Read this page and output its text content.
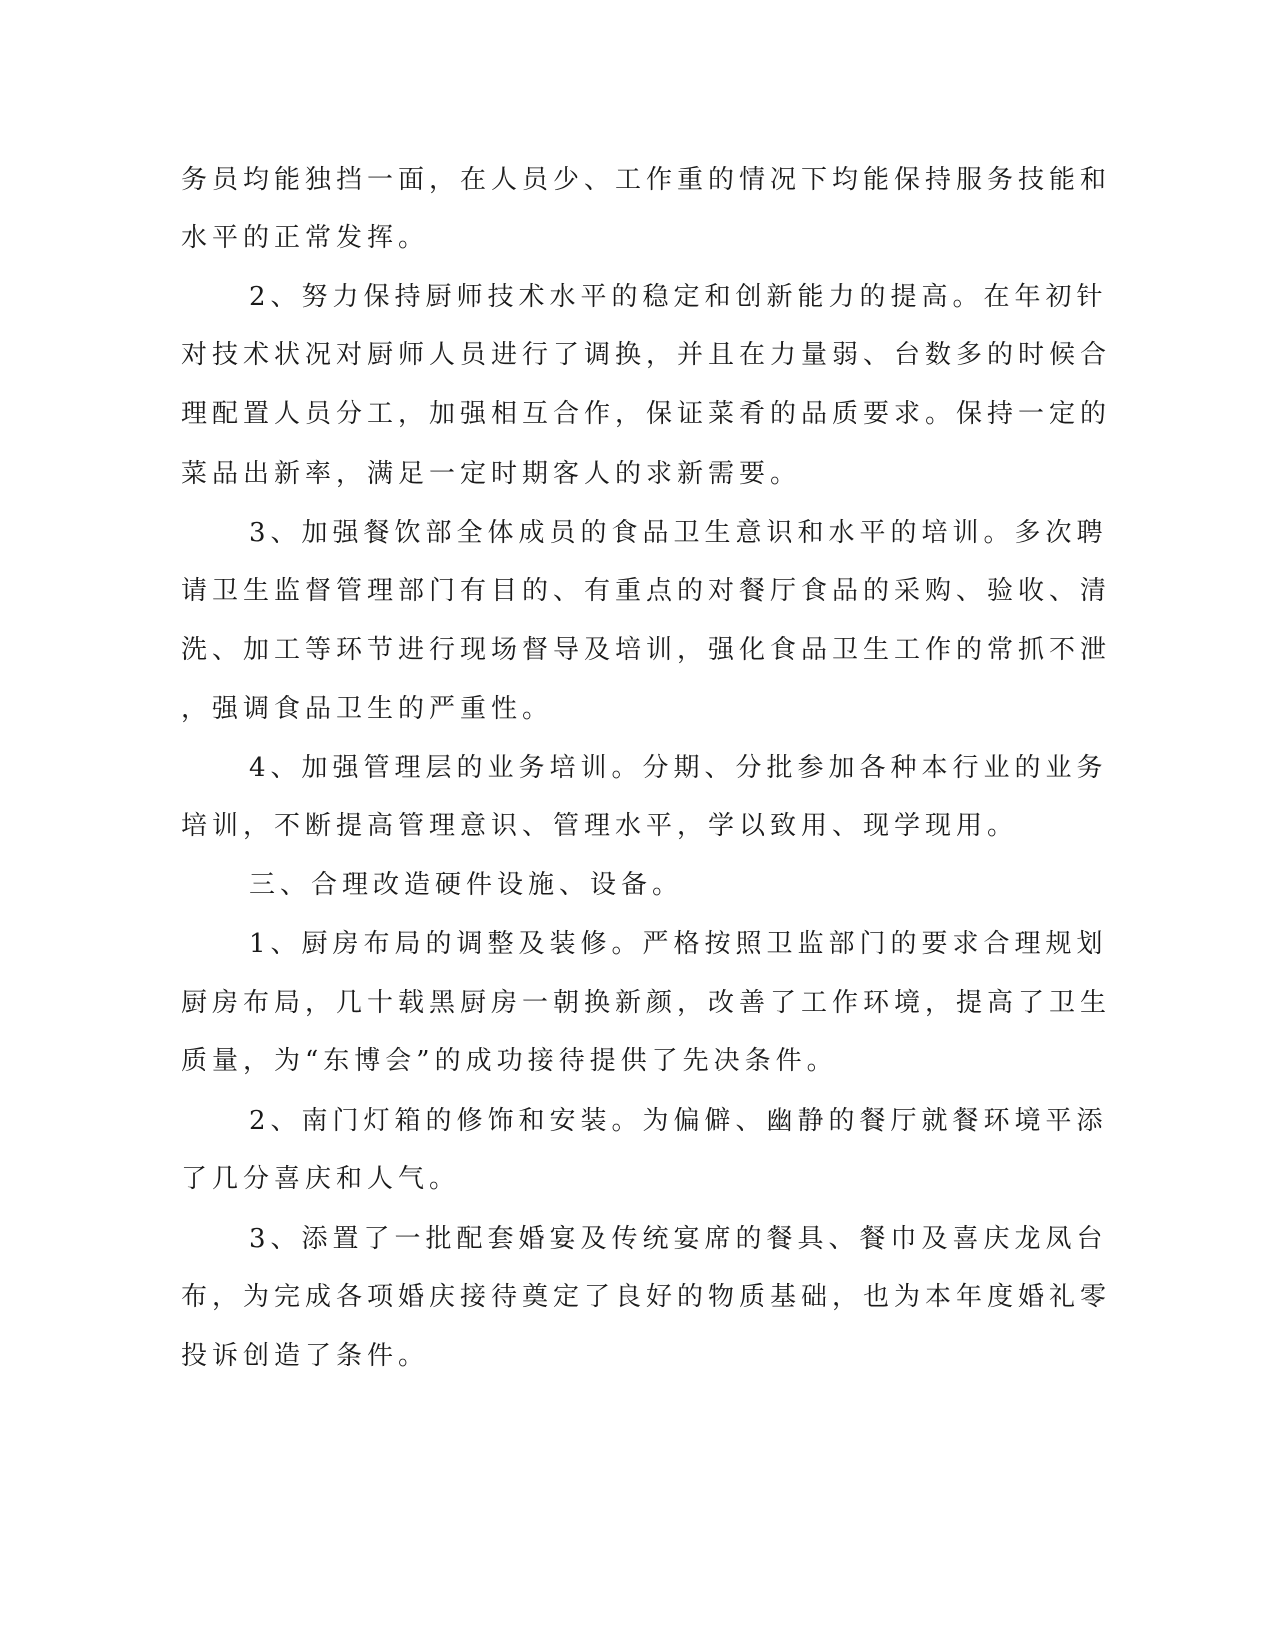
务员均能独挡一面，在人员少、工作重的情况下均能保持服务技能和
水平的正常发挥。
2、努力保持厨师技术水平的稳定和创新能力的提高。在年初针
对技术状况对厨师人员进行了调换，并且在力量弱、台数多的时候合
理配置人员分工，加强相互合作，保证菜肴的品质要求。保持一定的
菜品出新率，满足一定时期客人的求新需要。
3、加强餐饮部全体成员的食品卫生意识和水平的培训。多次聘
请卫生监督管理部门有目的、有重点的对餐厅食品的采购、验收、清
洗、加工等环节进行现场督导及培训，强化食品卫生工作的常抓不泄
，强调食品卫生的严重性。
4、加强管理层的业务培训。分期、分批参加各种本行业的业务
培训，不断提高管理意识、管理水平，学以致用、现学现用。
三、合理改造硬件设施、设备。
1、厨房布局的调整及装修。严格按照卫监部门的要求合理规划
厨房布局，几十载黑厨房一朝换新颜，改善了工作环境，提高了卫生
质量，为“东博会”的成功接待提供了先决条件。
2、南门灯箱的修饰和安装。为偏僻、幽静的餐厅就餐环境平添
了几分喜庆和人气。
3、添置了一批配套婚宴及传统宴席的餐具、餐巾及喜庆龙凤台
布，为完成各项婚庆接待奠定了良好的物质基础，也为本年度婚礼零
投诉创造了条件。
